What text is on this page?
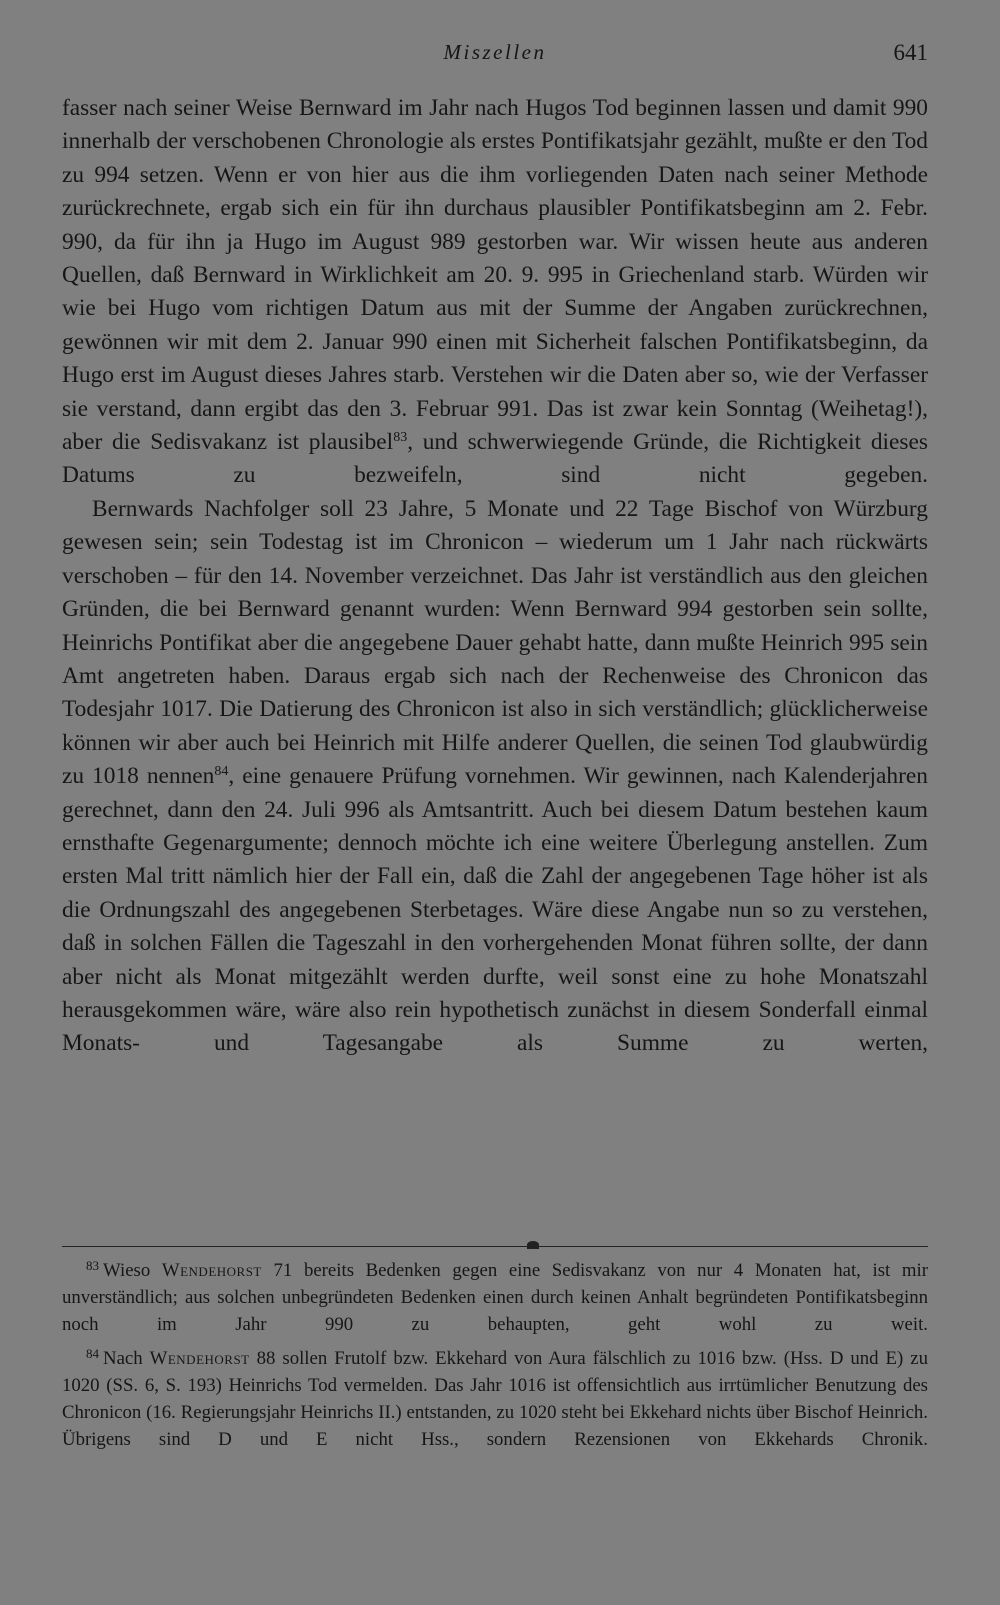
Miszellen	641

fasser nach seiner Weise Bernward im Jahr nach Hugos Tod beginnen lassen und damit 990 innerhalb der verschobenen Chronologie als erstes Pontifikatsjahr gezählt, mußte er den Tod zu 994 setzen. Wenn er von hier aus die ihm vorliegenden Daten nach seiner Methode zurückrechnete, ergab sich ein für ihn durchaus plausibler Pontifikatsbeginn am 2. Febr. 990, da für ihn ja Hugo im August 989 gestorben war. Wir wissen heute aus anderen Quellen, daß Bernward in Wirklichkeit am 20. 9. 995 in Griechenland starb. Würden wir wie bei Hugo vom richtigen Datum aus mit der Summe der Angaben zurückrechnen, gewönnen wir mit dem 2. Januar 990 einen mit Sicherheit falschen Pontifikatsbeginn, da Hugo erst im August dieses Jahres starb. Verstehen wir die Daten aber so, wie der Verfasser sie verstand, dann ergibt das den 3. Februar 991. Das ist zwar kein Sonntag (Weihetag!), aber die Sedisvakanz ist plausibel$^{83}$, und schwerwiegende Gründe, die Richtigkeit dieses Datums zu bezweifeln, sind nicht gegeben.

Bernwards Nachfolger soll 23 Jahre, 5 Monate und 22 Tage Bischof von Würzburg gewesen sein; sein Todestag ist im Chronicon – wiederum um 1 Jahr nach rückwärts verschoben – für den 14. November verzeichnet. Das Jahr ist verständlich aus den gleichen Gründen, die bei Bernward genannt wurden: Wenn Bernward 994 gestorben sein sollte, Heinrichs Pontifikat aber die angegebene Dauer gehabt hatte, dann mußte Heinrich 995 sein Amt angetreten haben. Daraus ergab sich nach der Rechenweise des Chronicon das Todesjahr 1017. Die Datierung des Chronicon ist also in sich verständlich; glücklicherweise können wir aber auch bei Heinrich mit Hilfe anderer Quellen, die seinen Tod glaubwürdig zu 1018 nennen$^{84}$, eine genauere Prüfung vornehmen. Wir gewinnen, nach Kalenderjahren gerechnet, dann den 24. Juli 996 als Amtsantritt. Auch bei diesem Datum bestehen kaum ernsthafte Gegenargumente; dennoch möchte ich eine weitere Überlegung anstellen. Zum ersten Mal tritt nämlich hier der Fall ein, daß die Zahl der angegebenen Tage höher ist als die Ordnungszahl des angegebenen Sterbetages. Wäre diese Angabe nun so zu verstehen, daß in solchen Fällen die Tageszahl in den vorhergehenden Monat führen sollte, der dann aber nicht als Monat mitgezählt werden durfte, weil sonst eine zu hohe Monatszahl herausgekommen wäre, wäre also rein hypothetisch zunächst in diesem Sonderfall einmal Monats- und Tagesangabe als Summe zu werten,

$^{83}$ Wieso Wendehorst 71 bereits Bedenken gegen eine Sedisvakanz von nur 4 Monaten hat, ist mir unverständlich; aus solchen unbegründeten Bedenken einen durch keinen Anhalt begründeten Pontifikatsbeginn noch im Jahr 990 zu behaupten, geht wohl zu weit.

$^{84}$ Nach Wendehorst 88 sollen Frutolf bzw. Ekkehard von Aura fälschlich zu 1016 bzw. (Hss. D und E) zu 1020 (SS. 6, S. 193) Heinrichs Tod vermelden. Das Jahr 1016 ist offensichtlich aus irrtümlicher Benutzung des Chronicon (16. Regierungsjahr Heinrichs II.) entstanden, zu 1020 steht bei Ekkehard nichts über Bischof Heinrich. Übrigens sind D und E nicht Hss., sondern Rezensionen von Ekkehards Chronik.
